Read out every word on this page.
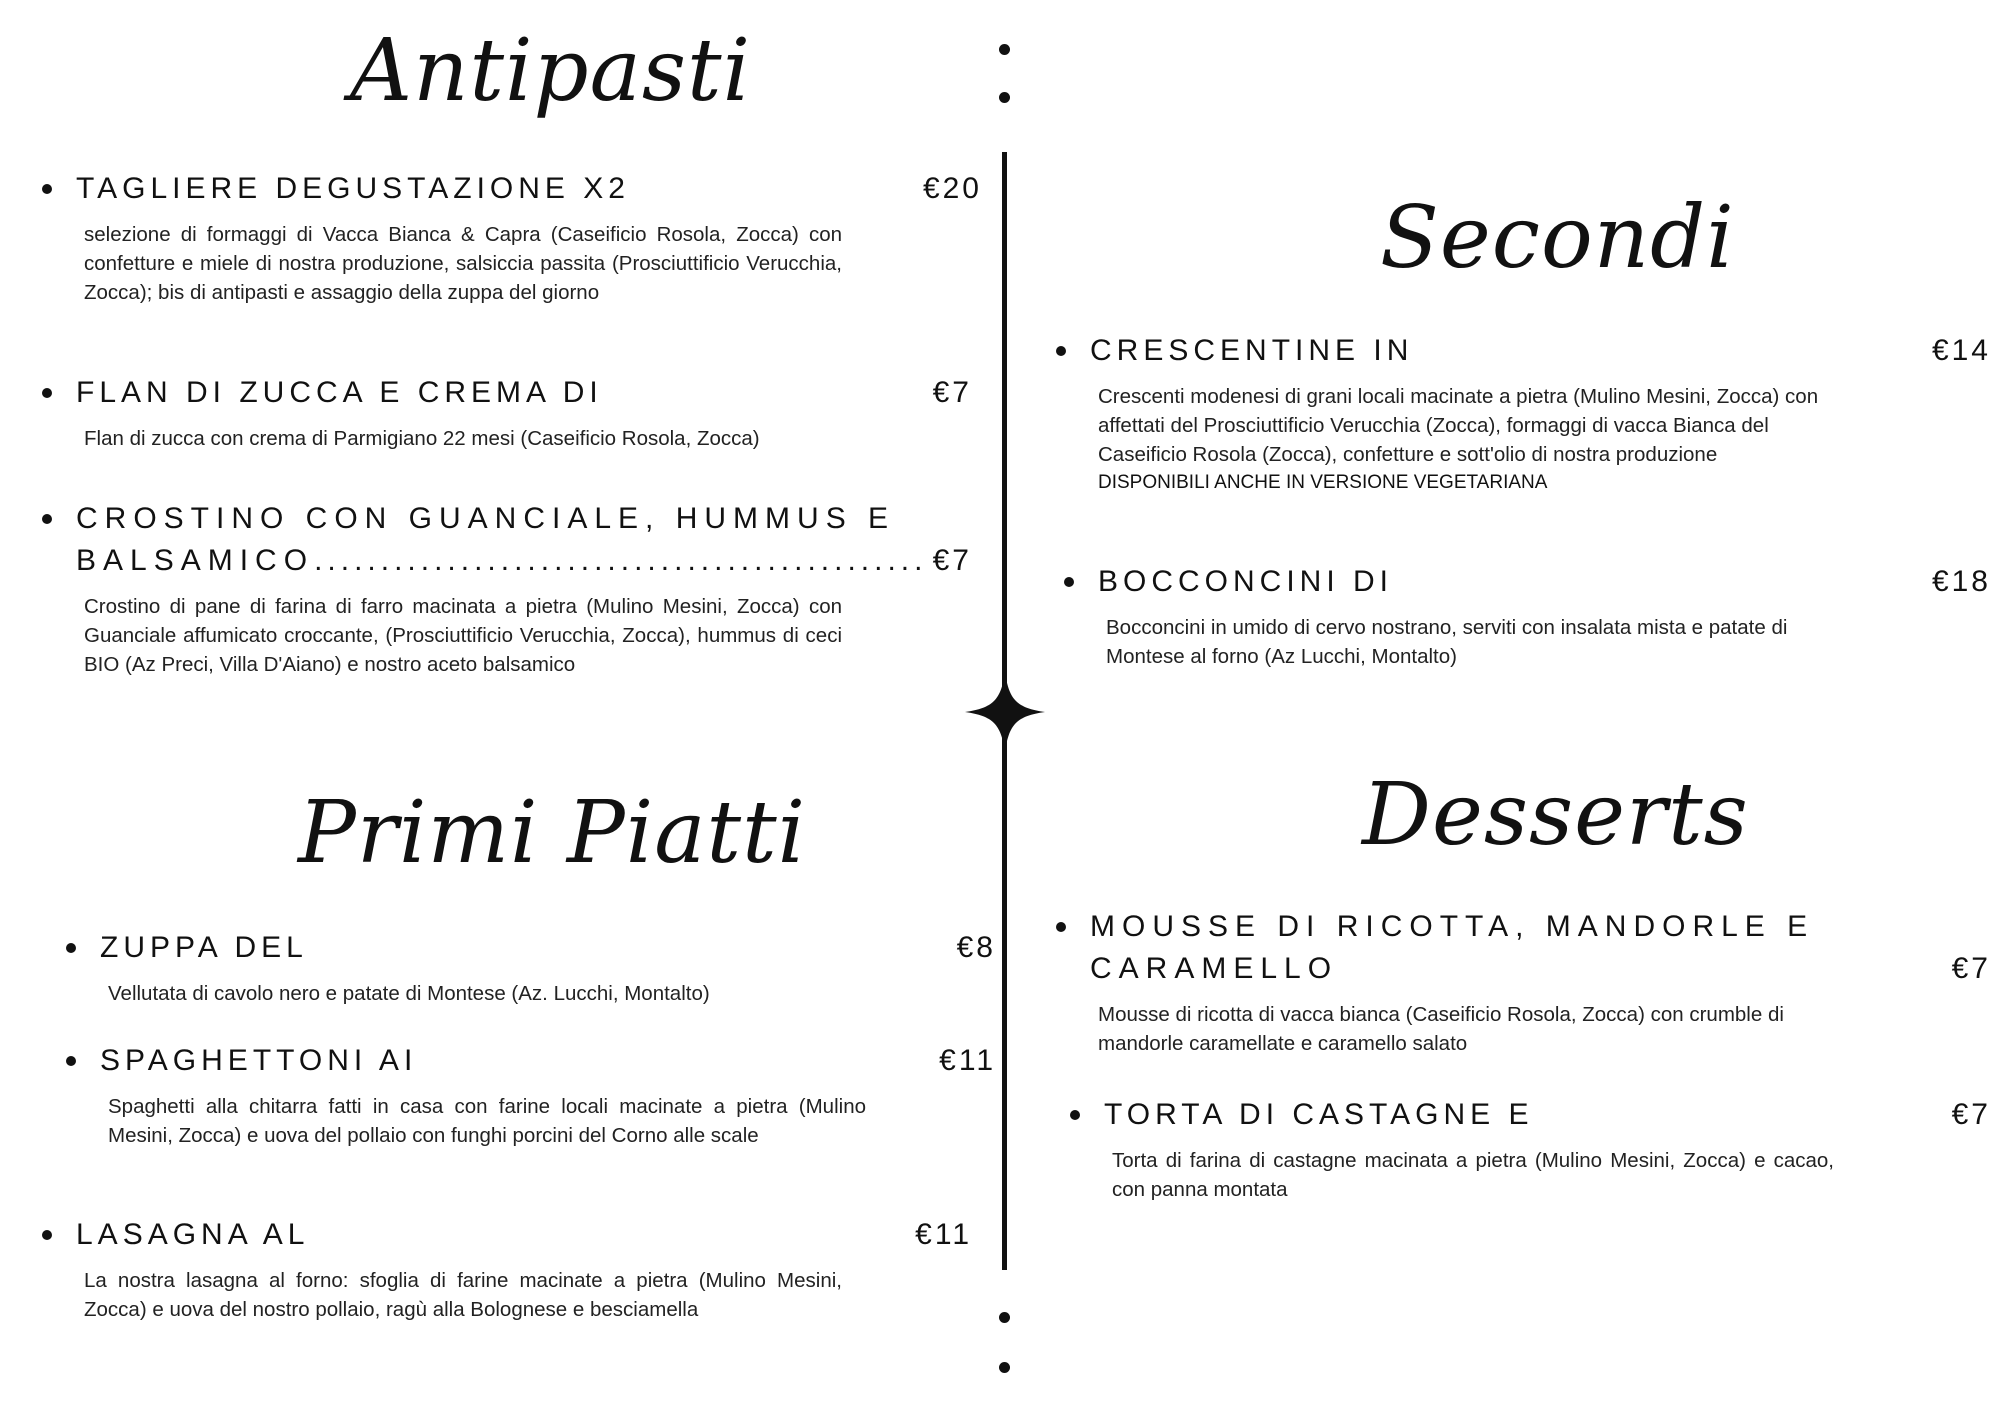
Antipasti
Primi Piatti
Secondi
Desserts
TAGLIERE DEGUSTAZIONE X2	€20

selezione di formaggi di Vacca Bianca & Capra (Caseificio Rosola, Zocca) con confetture e miele di nostra produzione, salsiccia passita (Prosciuttificio Verucchia, Zocca); bis di antipasti e assaggio della zuppa del giorno

FLAN DI ZUCCA E CREMA DI	€7

Flan di zucca con crema di Parmigiano 22 mesi (Caseificio Rosola, Zocca)

CROSTINO CON GUANCIALE, HUMMUS E BALSAMICO.............................................. €7

Crostino di pane di farina di farro macinata a pietra (Mulino Mesini, Zocca) con Guanciale affumicato croccante, (Prosciuttificio Verucchia, Zocca), hummus di ceci BIO (Az Preci, Villa D'Aiano) e nostro aceto balsamico

ZUPPA DEL	€8

Vellutata di cavolo nero e patate di Montese (Az. Lucchi, Montalto)

SPAGHETTONI AI	€11

Spaghetti alla chitarra fatti in casa con farine locali macinate a pietra (Mulino Mesini, Zocca) e uova del pollaio con funghi porcini del Corno alle scale

LASAGNA AL	€11

La nostra lasagna al forno: sfoglia di farine macinate a pietra (Mulino Mesini, Zocca) e uova del nostro pollaio, ragù alla Bolognese e besciamella

CRESCENTINE IN	€14

Crescenti modenesi di grani locali macinate a pietra (Mulino Mesini, Zocca) con affettati del Prosciuttificio Verucchia (Zocca), formaggi di vacca Bianca del Caseificio Rosola (Zocca), confetture e sott'olio di nostra produzione

DISPONIBILI ANCHE IN VERSIONE VEGETARIANA
BOCCONCINI DI	€18

Bocconcini in umido di cervo nostrano, serviti con insalata mista e patate di Montese al forno (Az Lucchi, Montalto)

MOUSSE DI RICOTTA, MANDORLE E CARAMELLO	€7

Mousse di ricotta di vacca bianca (Caseificio Rosola, Zocca) con crumble di mandorle caramellate e caramello salato

TORTA DI CASTAGNE E	€7

Torta di farina di castagne macinata a pietra (Mulino Mesini, Zocca) e cacao, con panna montata
